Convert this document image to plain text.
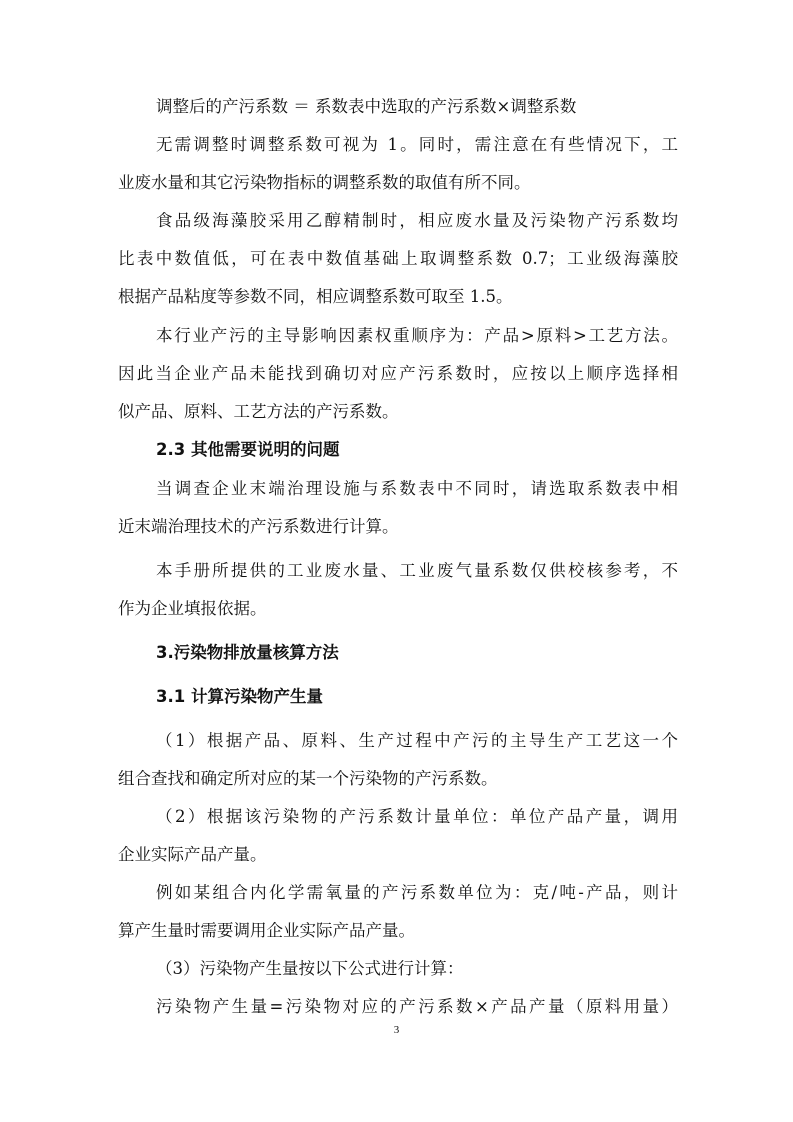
调整后的产污系数 ＝ 系数表中选取的产污系数×调整系数
无需调整时调整系数可视为 1。同时，需注意在有些情况下，工
业废水量和其它污染物指标的调整系数的取值有所不同。
食品级海藻胶采用乙醇精制时，相应废水量及污染物产污系数均
比表中数值低，可在表中数值基础上取调整系数 0.7；工业级海藻胶
根据产品粘度等参数不同，相应调整系数可取至 1.5。
本行业产污的主导影响因素权重顺序为：产品>原料>工艺方法。
因此当企业产品未能找到确切对应产污系数时，应按以上顺序选择相
似产品、原料、工艺方法的产污系数。
2.3 其他需要说明的问题
当调查企业末端治理设施与系数表中不同时，请选取系数表中相
近末端治理技术的产污系数进行计算。
本手册所提供的工业废水量、工业废气量系数仅供校核参考，不
作为企业填报依据。
3.污染物排放量核算方法
3.1 计算污染物产生量
（1）根据产品、原料、生产过程中产污的主导生产工艺这一个
组合查找和确定所对应的某一个污染物的产污系数。
（2）根据该污染物的产污系数计量单位：单位产品产量，调用
企业实际产品产量。
例如某组合内化学需氧量的产污系数单位为：克/吨-产品，则计
算产生量时需要调用企业实际产品产量。
（3）污染物产生量按以下公式进行计算：
污染物产生量=污染物对应的产污系数×产品产量（原料用量）
3
